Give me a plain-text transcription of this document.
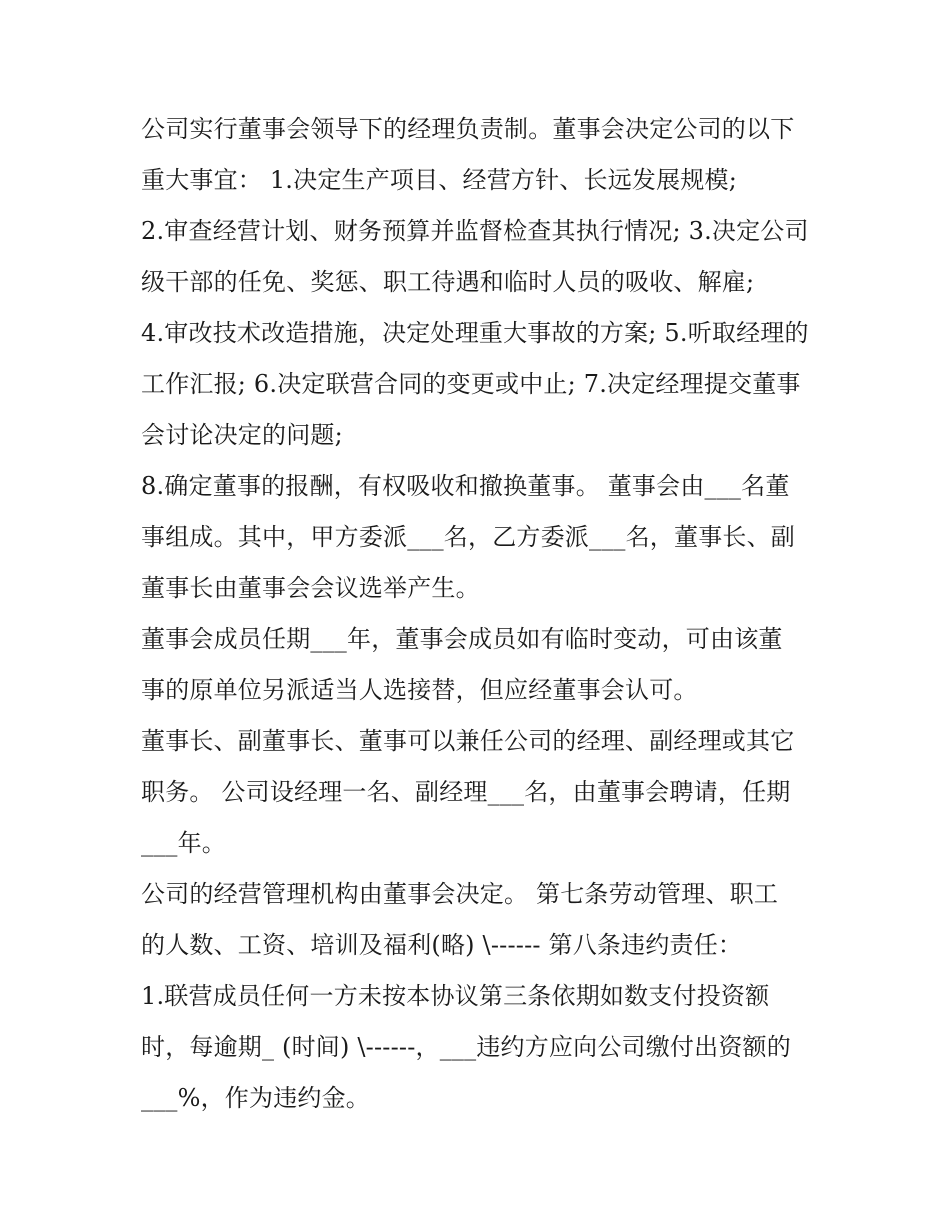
公司实行董事会领导下的经理负责制。董事会决定公司的以下
重大事宜： 1.决定生产项目、经营方针、长远发展规模;
2.审查经营计划、财务预算并监督检查其执行情况; 3.决定公司
级干部的任免、奖惩、职工待遇和临时人员的吸收、解雇;
4.审改技术改造措施，决定处理重大事故的方案; 5.听取经理的
工作汇报; 6.决定联营合同的变更或中止; 7.决定经理提交董事
会讨论决定的问题;
8.确定董事的报酬，有权吸收和撤换董事。 董事会由___名董
事组成。其中，甲方委派___名，乙方委派___名，董事长、副
董事长由董事会会议选举产生。
董事会成员任期___年，董事会成员如有临时变动，可由该董
事的原单位另派适当人选接替，但应经董事会认可。
董事长、副董事长、董事可以兼任公司的经理、副经理或其它
职务。 公司设经理一名、副经理___名，由董事会聘请，任期
___年。
公司的经营管理机构由董事会决定。 第七条劳动管理、职工
的人数、工资、培训及福利(略) \------ 第八条违约责任：
1.联营成员任何一方未按本协议第三条依期如数支付投资额
时，每逾期_ (时间) \------，___违约方应向公司缴付出资额的
___%，作为违约金。
